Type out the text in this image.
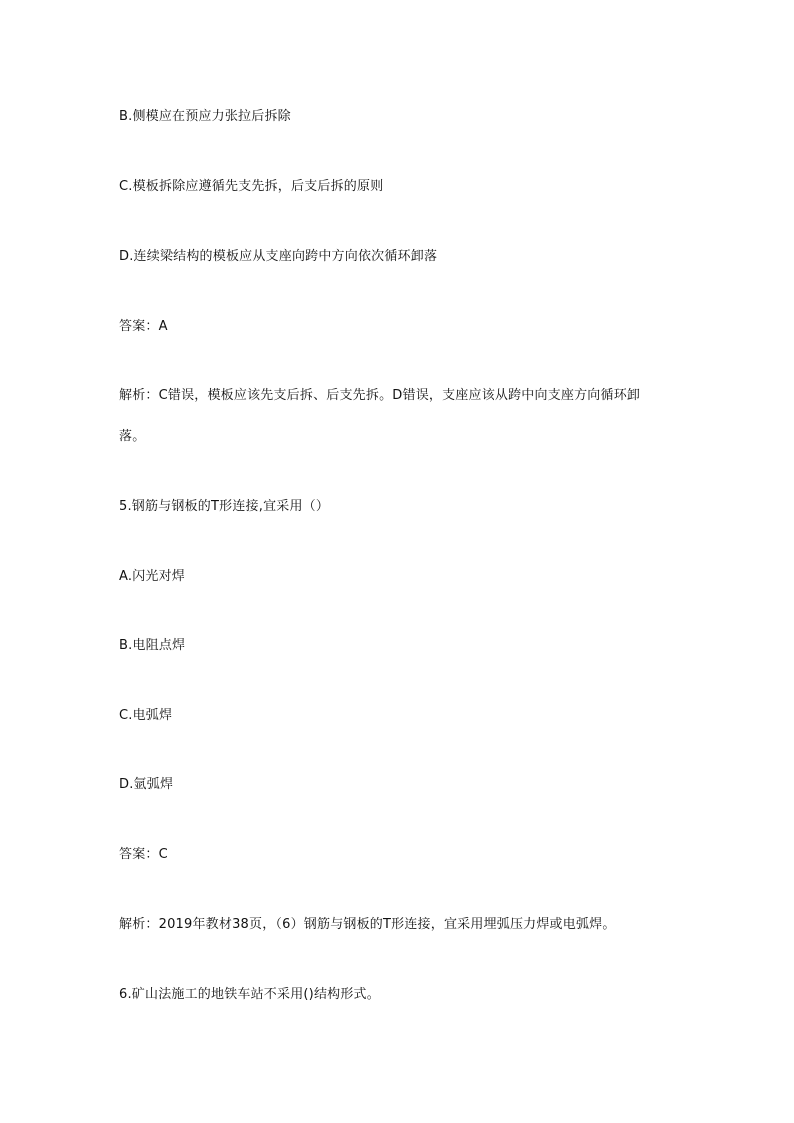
B.侧模应在预应力张拉后拆除
C.模板拆除应遵循先支先拆，后支后拆的原则
D.连续梁结构的模板应从支座向跨中方向依次循环卸落
答案：A
解析：C错误，模板应该先支后拆、后支先拆。D错误，支座应该从跨中向支座方向循环卸
落。
5.钢筋与钢板的T形连接,宜采用（）
A.闪光对焊
B.电阻点焊
C.电弧焊
D.氩弧焊
答案：C
解析：2019年教材38页，（6）钢筋与钢板的T形连接，宜采用埋弧压力焊或电弧焊。
6.矿山法施工的地铁车站不采用()结构形式。
